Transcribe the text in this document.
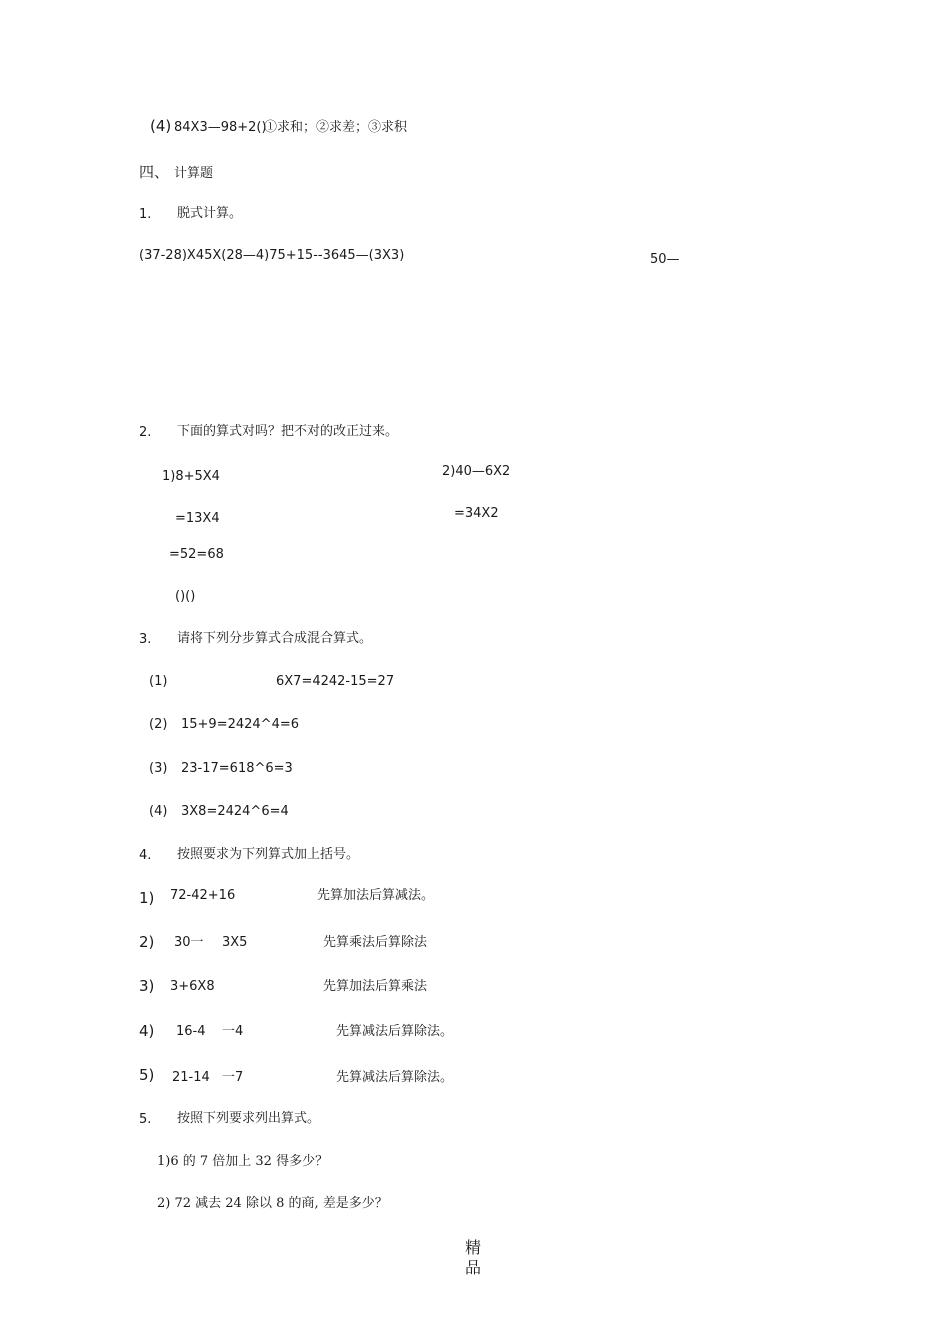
(4) 84X3—98+2()
①求和；②求差；③求积
四、 计算题
1. 脱式计算。
(37-28)X45X(28—4)75+15--3645—(3X3)	50—
2. 下面的算式对吗？把不对的改正过来。
1)8+5X4
=13X4
=52=68
()()
2)40—6X2
=34X2
3. 请将下列分步算式合成混合算式。
(1)	6X7=4242-15=27
(2) 15+9=2424^4=6
(3) 23-17=618^6=3
(4) 3X8=2424^6=4
4. 按照要求为下列算式加上括号。
1) 72-42+16	先算加法后算减法。
2) 30一 3X5	先算乘法后算除法
3) 3+6X8	先算加法后算乘法
4) 16-4 一4	先算减法后算除法。
5) 21-14 一7	先算减法后算除法。
5. 按照下列要求列出算式。
1)6 的 7 倍加上 32 得多少？
2) 72 减去 24 除以 8 的商, 差是多少？
精品
